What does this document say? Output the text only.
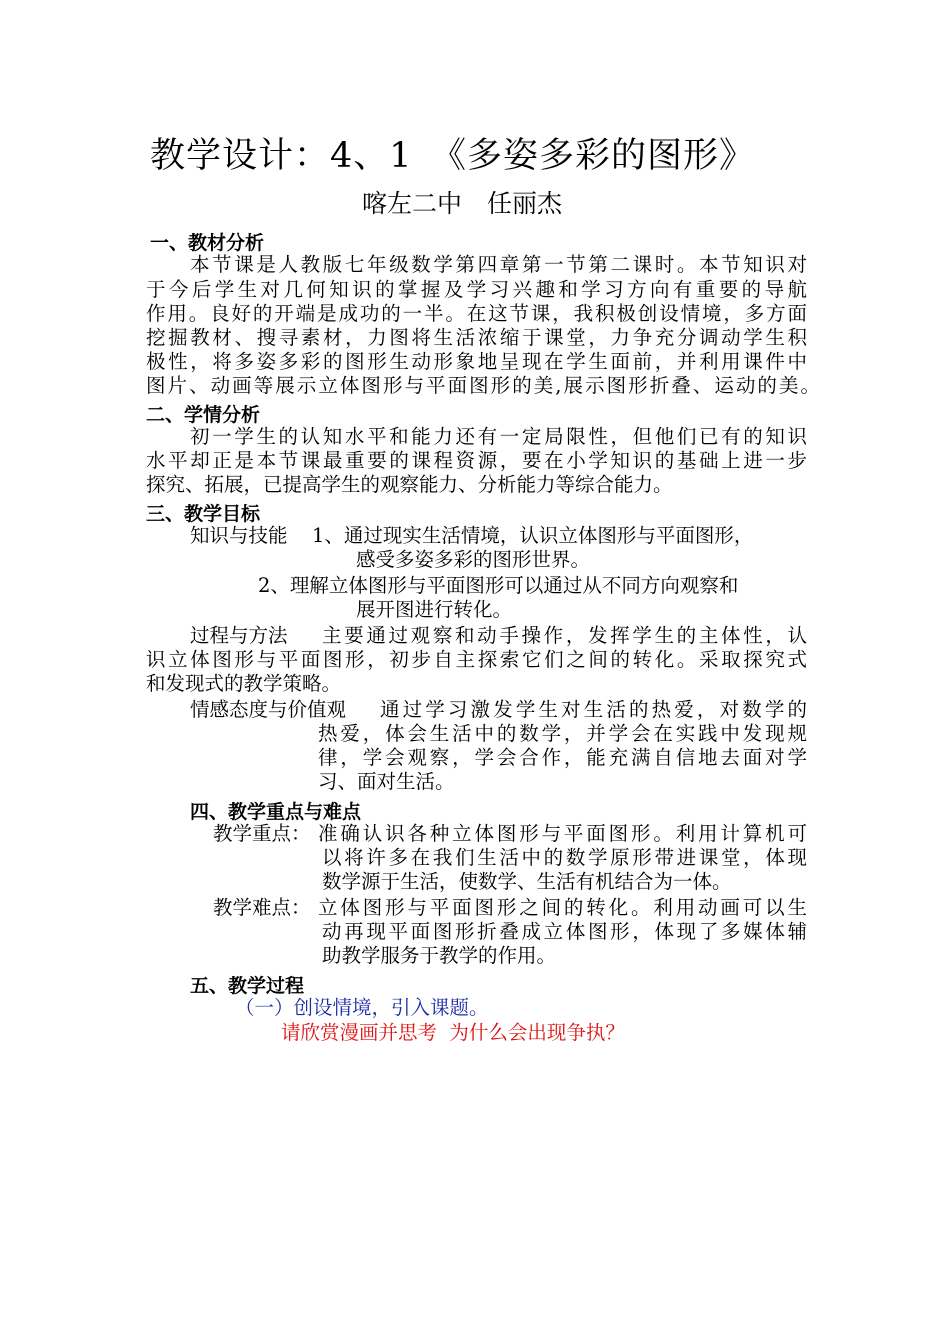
教学设计：4、1　《多姿多彩的图形》
喀左二中　任丽杰
一、教材分析
本节课是人教版七年级数学第四章第一节第二课时。本节知识对
于今后学生对几何知识的掌握及学习兴趣和学习方向有重要的导航
作用。良好的开端是成功的一半。在这节课，我积极创设情境，多方面
挖掘教材、搜寻素材，力图将生活浓缩于课堂，力争充分调动学生积
极性，将多姿多彩的图形生动形象地呈现在学生面前，并利用课件中
图片、动画等展示立体图形与平面图形的美,展示图形折叠、运动的美。
二、学情分析
初一学生的认知水平和能力还有一定局限性，但他们已有的知识
水平却正是本节课最重要的课程资源，要在小学知识的基础上进一步
探究、拓展，已提高学生的观察能力、分析能力等综合能力。
三、教学目标
知识与技能 1、通过现实生活情境，认识立体图形与平面图形，
感受多姿多彩的图形世界。
2、理解立体图形与平面图形可以通过从不同方向观察和
展开图进行转化。
过程与方法 主要通过观察和动手操作，发挥学生的主体性，认
识立体图形与平面图形，初步自主探索它们之间的转化。采取探究式
和发现式的教学策略。
情感态度与价值观 通过学习激发学生对生活的热爱，对数学的
热爱，体会生活中的数学，并学会在实践中发现规
律，学会观察，学会合作，能充满自信地去面对学
习、面对生活。
四、教学重点与难点
教学重点： 准确认识各种立体图形与平面图形。利用计算机可
以将许多在我们生活中的数学原形带进课堂，体现
数学源于生活，使数学、生活有机结合为一体。
教学难点： 立体图形与平面图形之间的转化。利用动画可以生
动再现平面图形折叠成立体图形，体现了多媒体辅
助教学服务于教学的作用。
五、教学过程
（一）创设情境，引入课题。
请欣赏漫画并思考  为什么会出现争执？
